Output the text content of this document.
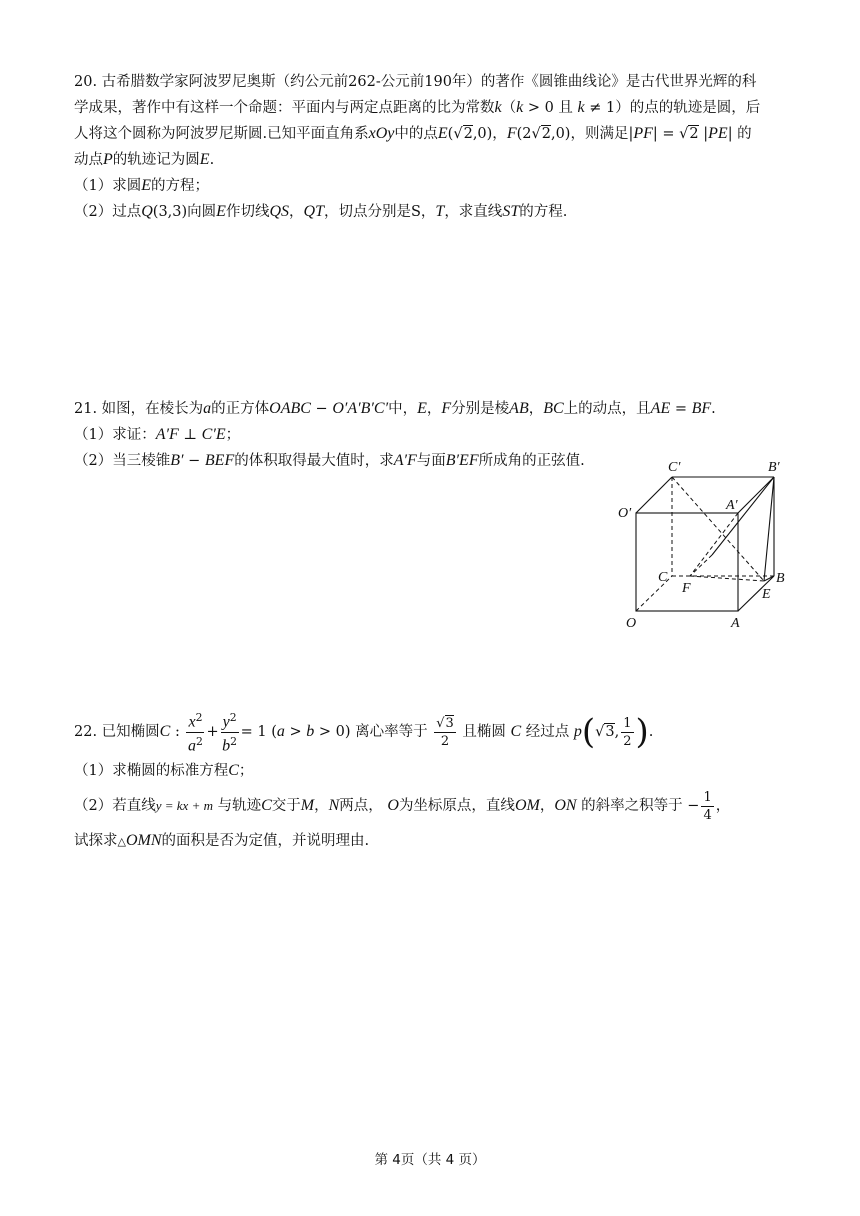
20. 古希腊数学家阿波罗尼奥斯（约公元前262-公元前190年）的著作《圆锥曲线论》是古代世界光辉的科
学成果，著作中有这样一个命题：平面内与两定点距离的比为常数k（k > 0 且 k ≠ 1）的点的轨迹是圆，后
人将这个圆称为阿波罗尼斯圆.已知平面直角系xOy中的点E(√2,0)，F(2√2,0)，则满足|PF| = √2 |PE| 的
动点P的轨迹记为圆E.
（1）求圆E的方程；
（2）过点Q(3,3)向圆E作切线QS，QT，切点分别是S，T，求直线ST的方程.
21. 如图，在棱长为a的正方体OABC − O′A′B′C′中，E，F分别是棱AB，BC上的动点，且AE = BF.
（1）求证：A′F ⊥ C′E；
（2）当三棱锥B′ − BEF的体积取得最大值时，求A′F与面B′EF所成角的正弦值.	C′	B′
O′
A′
C
F
B
E
O	A
22. 已知椭圆C : $\frac{x^2}{a^2} + \frac{y^2}{b^2} = 1$ (a > b > 0) 离心率等于 $\frac{√3}{2}$ 且椭圆 C 经过点 p(√3, $\frac{1}{2}$ ).
（1）求椭圆的标准方程C；
（2）若直线y = kx + m 与轨迹C交于M，N两点， O为坐标原点，直线OM，ON 的斜率之积等于 − $\frac{1}{4}$ ，
试探求△OMN的面积是否为定值，并说明理由.
第 4页（共 4 页）
